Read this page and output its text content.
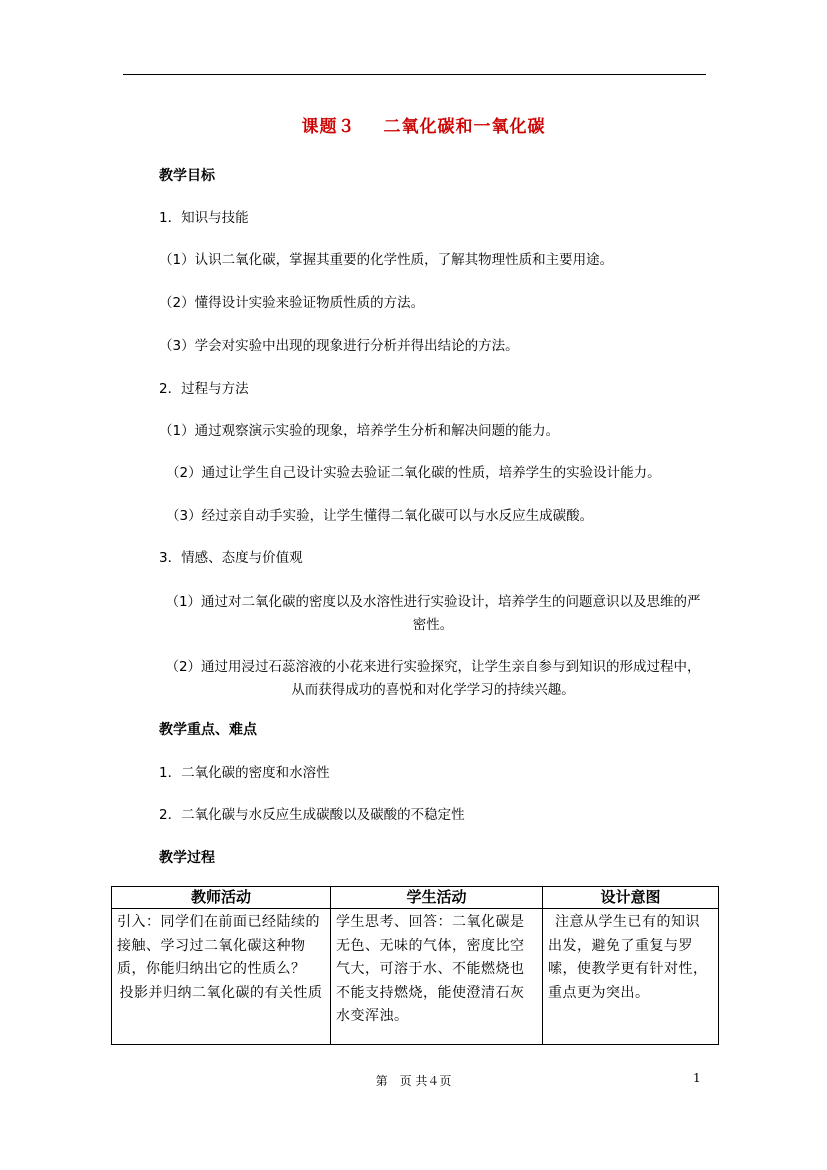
课题３ 二氧化碳和一氧化碳
教学目标
1．知识与技能
（1）认识二氧化碳，掌握其重要的化学性质，了解其物理性质和主要用途。
（2）懂得设计实验来验证物质性质的方法。
（3）学会对实验中出现的现象进行分析并得出结论的方法。
2．过程与方法
（1）通过观察演示实验的现象，培养学生分析和解决问题的能力。
（2）通过让学生自己设计实验去验证二氧化碳的性质，培养学生的实验设计能力。
（3）经过亲自动手实验，让学生懂得二氧化碳可以与水反应生成碳酸。
3．情感、态度与价值观
（1）通过对二氧化碳的密度以及水溶性进行实验设计，培养学生的问题意识以及思维的严密性。
（2）通过用浸过石蕊溶液的小花来进行实验探究，让学生亲自参与到知识的形成过程中，从而获得成功的喜悦和对化学学习的持续兴趣。
教学重点、难点
1．二氧化碳的密度和水溶性
2．二氧化碳与水反应生成碳酸以及碳酸的不稳定性
教学过程
教师活动	学生活动	设计意图

引入：同学们在前面已经陆续的接触、学习过二氧化碳这种物质，你能归纳出它的性质么？
投影并归纳二氧化碳的有关性质	学生思考、回答：二氧化碳是无色、无味的气体，密度比空气大，可溶于水、不能燃烧也不能支持燃烧，能使澄清石灰水变浑浊。	注意从学生已有的知识出发，避免了重复与罗嗦，使教学更有针对性，重点更为突出。
第　页 共４页	1
